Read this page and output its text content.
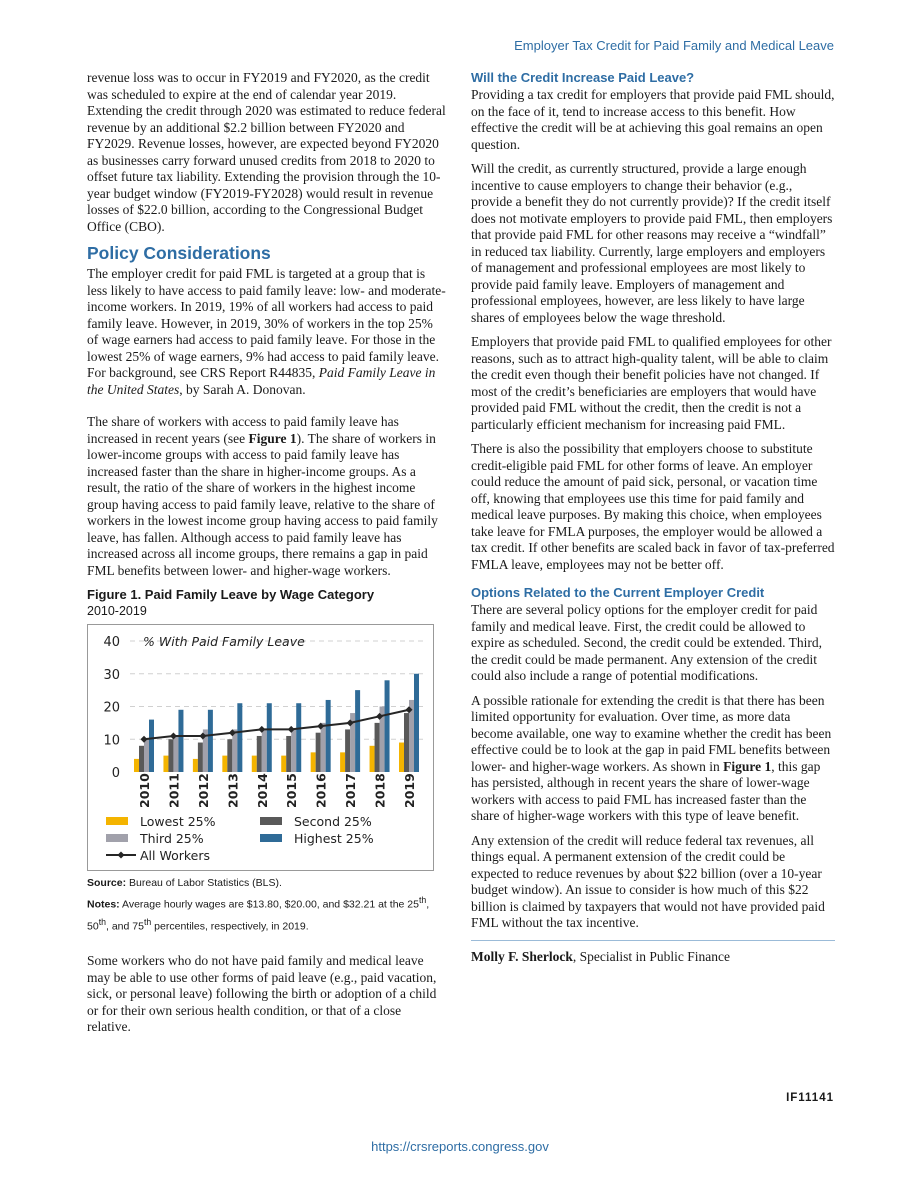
Employer Tax Credit for Paid Family and Medical Leave

revenue loss was to occur in FY2019 and FY2020, as the credit was scheduled to expire at the end of calendar year 2019. Extending the credit through 2020 was estimated to reduce federal revenue by an additional $2.2 billion between FY2020 and FY2029. Revenue losses, however, are expected beyond FY2020 as businesses carry forward unused credits from 2018 to 2020 to offset future tax liability. Extending the provision through the 10-year budget window (FY2019-FY2028) would result in revenue losses of $22.0 billion, according to the Congressional Budget Office (CBO).

Policy Considerations

The employer credit for paid FML is targeted at a group that is less likely to have access to paid family leave: low- and moderate-income workers. In 2019, 19% of all workers had access to paid family leave. However, in 2019, 30% of workers in the top 25% of wage earners had access to paid family leave. For those in the lowest 25% of wage earners, 9% had access to paid family leave. For background, see CRS Report R44835, Paid Family Leave in the United States, by Sarah A. Donovan.

The share of workers with access to paid family leave has increased in recent years (see Figure 1). The share of workers in lower-income groups with access to paid family leave has increased faster than the share in higher-income groups. As a result, the ratio of the share of workers in the highest income group having access to paid family leave, relative to the share of workers in the lowest income group having access to paid family leave, has fallen. Although access to paid family leave has increased across all income groups, there remains a gap in paid FML benefits between lower- and higher-wage workers.

Figure 1. Paid Family Leave by Wage Category
2010-2019
0
10
20
30
40 % With Paid Family Leave
2010 2011 2012 2013 2014 2015 2016 2017 2018 2019
Lowest 25%	Second 25%
Third 25%	Highest 25%
All Workers

Source: Bureau of Labor Statistics (BLS).

Notes: Average hourly wages are $13.80, $20.00, and $32.21 at the 25th, 50th, and 75th percentiles, respectively, in 2019.

Some workers who do not have paid family and medical leave may be able to use other forms of paid leave (e.g., paid vacation, sick, or personal leave) following the birth or adoption of a child or for their own serious health condition, or that of a close relative.

Will the Credit Increase Paid Leave?

Providing a tax credit for employers that provide paid FML should, on the face of it, tend to increase access to this benefit. How effective the credit will be at achieving this goal remains an open question.

Will the credit, as currently structured, provide a large enough incentive to cause employers to change their behavior (e.g., provide a benefit they do not currently provide)? If the credit itself does not motivate employers to provide paid FML, then employers that provide paid FML for other reasons may receive a “windfall” in reduced tax liability. Currently, large employers and employers of management and professional employees are most likely to provide paid family leave. Employers of management and professional employees, however, are less likely to have large shares of employees below the wage threshold.

Employers that provide paid FML to qualified employees for other reasons, such as to attract high-quality talent, will be able to claim the credit even though their benefit policies have not changed. If most of the credit’s beneficiaries are employers that would have provided paid FML without the credit, then the credit is not a particularly efficient mechanism for increasing paid FML.

There is also the possibility that employers choose to substitute credit-eligible paid FML for other forms of leave. An employer could reduce the amount of paid sick, personal, or vacation time off, knowing that employees use this time for paid family and medical leave purposes. By making this choice, when employees take leave for FMLA purposes, the employer would be allowed a tax credit. If other benefits are scaled back in favor of tax-preferred FMLA leave, employees may not be better off.

Options Related to the Current Employer Credit

There are several policy options for the employer credit for paid family and medical leave. First, the credit could be allowed to expire as scheduled. Second, the credit could be extended. Third, the credit could be made permanent. Any extension of the credit could also include a range of potential modifications.

A possible rationale for extending the credit is that there has been limited opportunity for evaluation. Over time, as more data become available, one way to examine whether the credit has been effective could be to look at the gap in paid FML benefits between lower- and higher-wage workers. As shown in Figure 1, this gap has persisted, although in recent years the share of lower-wage workers with access to paid FML has increased faster than the share of higher-wage workers with this type of leave benefit.

Any extension of the credit will reduce federal tax revenues, all things equal. A permanent extension of the credit could be expected to reduce revenues by about $22 billion (over a 10-year budget window). An issue to consider is how much of this $22 billion is claimed by taxpayers that would not have provided paid FML without the tax incentive.

Molly F. Sherlock, Specialist in Public Finance

IF11141
https://crsreports.congress.gov
